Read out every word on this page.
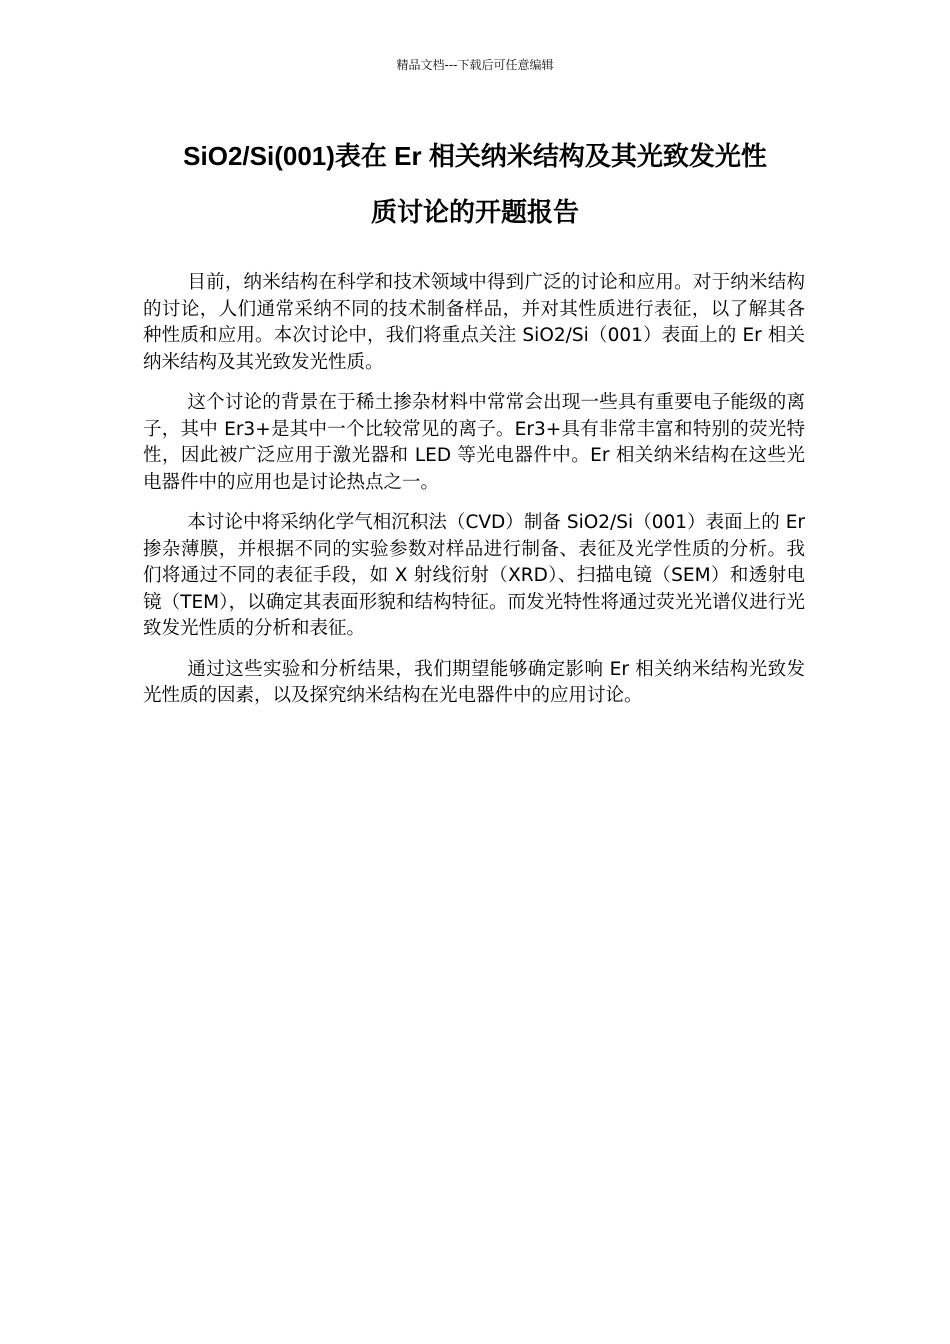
精品文档---下载后可任意编辑
SiO2/Si(001)表在 Er 相关纳米结构及其光致发光性
质讨论的开题报告

目前，纳米结构在科学和技术领域中得到广泛的讨论和应用。对于纳米结构的讨论，人们通常采纳不同的技术制备样品，并对其性质进行表征，以了解其各种性质和应用。本次讨论中，我们将重点关注 SiO2/Si（001）表面上的 Er 相关纳米结构及其光致发光性质。

这个讨论的背景在于稀土掺杂材料中常常会出现一些具有重要电子能级的离子，其中 Er3+是其中一个比较常见的离子。Er3+具有非常丰富和特别的荧光特性，因此被广泛应用于激光器和 LED 等光电器件中。Er 相关纳米结构在这些光电器件中的应用也是讨论热点之一。

本讨论中将采纳化学气相沉积法（CVD）制备 SiO2/Si（001）表面上的 Er 掺杂薄膜，并根据不同的实验参数对样品进行制备、表征及光学性质的分析。我们将通过不同的表征手段，如 X 射线衍射（XRD）、扫描电镜（SEM）和透射电镜（TEM），以确定其表面形貌和结构特征。而发光特性将通过荧光光谱仪进行光致发光性质的分析和表征。

通过这些实验和分析结果，我们期望能够确定影响 Er 相关纳米结构光致发光性质的因素，以及探究纳米结构在光电器件中的应用讨论。
